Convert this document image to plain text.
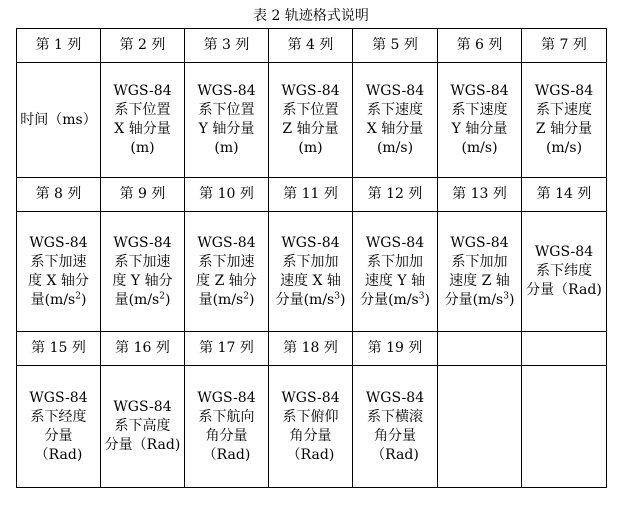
表 2 轨迹格式说明
第 1 列	第 2 列	第 3 列	第 4 列	第 5 列	第 6 列	第 7 列
时间（ms）	WGS-84
系下位置
X 轴分量
(m)	WGS-84
系下位置
Y 轴分量
(m)	WGS-84
系下位置
Z 轴分量
(m)	WGS-84
系下速度
X 轴分量
(m/s)	WGS-84
系下速度
Y 轴分量
(m/s)	WGS-84
系下速度
Z 轴分量
(m/s)
第 8 列	第 9 列	第 10 列	第 11 列	第 12 列	第 13 列	第 14 列
WGS-84
系下加速
度 X 轴分
量$(m/s^2)$	WGS-84
系下加速
度 Y 轴分
量$(m/s^2)$	WGS-84
系下加速
度 Z 轴分
量$(m/s^2)$	WGS-84
系下加加
速度 X 轴
分量$(m/s^3)$	WGS-84
系下加加
速度 Y 轴
分量$(m/s^3)$	WGS-84
系下加加
速度 Z 轴
分量$(m/s^3)$	WGS-84
系下纬度
分量（Rad)
第 15 列	第 16 列	第 17 列	第 18 列	第 19 列		
WGS-84
系下经度
分量
（Rad)	WGS-84
系下高度
分量（Rad)	WGS-84
系下航向
角分量
（Rad)	WGS-84
系下俯仰
角分量
（Rad)	WGS-84
系下横滚
角分量
（Rad)		
